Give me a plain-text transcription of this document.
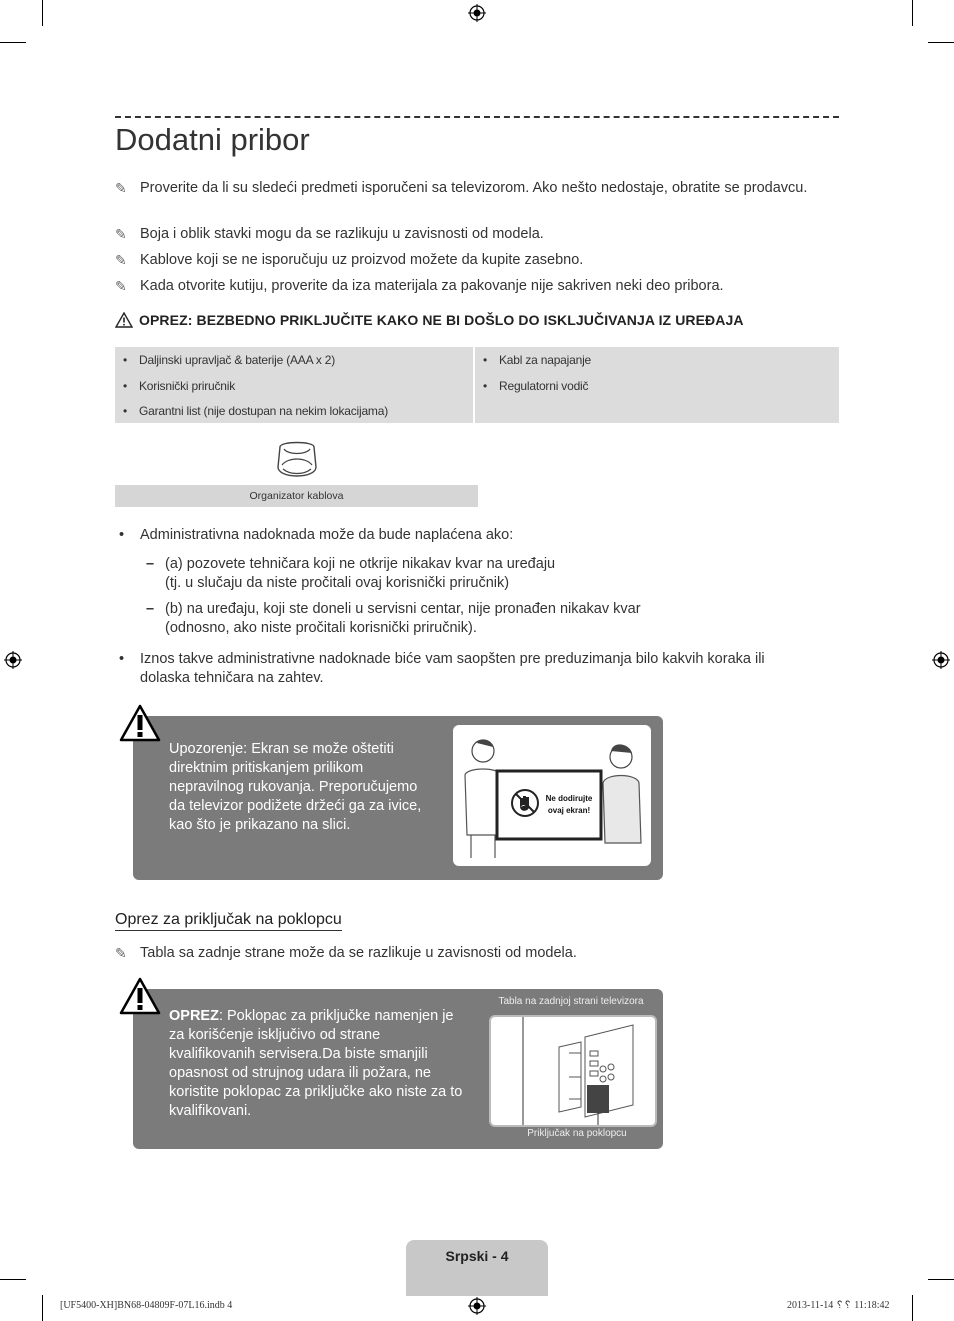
Dodatni pribor
✎ Proverite da li su sledeći predmeti isporučeni sa televizorom. Ako nešto nedostaje, obratite se prodavcu.
✎ Boja i oblik stavki mogu da se razlikuju u zavisnosti od modela.
✎ Kablove koji se ne isporučuju uz proizvod možete da kupite zasebno.
✎ Kada otvorite kutiju, proverite da iza materijala za pakovanje nije sakriven neki deo pribora.
OPREZ: BEZBEDNO PRIKLJUČITE KAKO NE BI DOŠLO DO ISKLJUČIVANJA IZ UREĐAJA
• Daljinski upravljač & baterije (AAA x 2)
• Korisnički priručnik
• Garantni list (nije dostupan na nekim lokacijama)
• Kabl za napajanje
• Regulatorni vodič
Organizator kablova
• Administrativna nadoknada može da bude naplaćena ako:
– (a) pozovete tehničara koji ne otkrije nikakav kvar na uređaju
(tj. u slučaju da niste pročitali ovaj korisnički priručnik)
– (b) na uređaju, koji ste doneli u servisni centar, nije pronađen nikakav kvar
(odnosno, ako niste pročitali korisnički priručnik).
• Iznos takve administrativne nadoknade biće vam saopšten pre preduzimanja bilo kakvih koraka ili dolaska tehničara na zahtev.
Upozorenje: Ekran se može oštetiti direktnim pritiskanjem prilikom nepravilnog rukovanja. Preporučujemo da televizor podižete držeći ga za ivice, kao što je prikazano na slici.
Ne dodirujte
ovaj ekran!
Oprez za priključak na poklopcu
✎ Tabla sa zadnje strane može da se razlikuje u zavisnosti od modela.
OPREZ: Poklopac za priključke namenjen je za korišćenje isključivo od strane kvalifikovanih servisera.Da biste smanjili opasnost od strujnog udara ili požara, ne koristite poklopac za priključke ako niste za to kvalifikovani.
Tabla na zadnjoj strani televizora
Priključak na poklopcu
Srpski - 4
[UF5400-XH]BN68-04809F-07L16.indb 4	2013-11-14 ␦␦ 11:18:42
